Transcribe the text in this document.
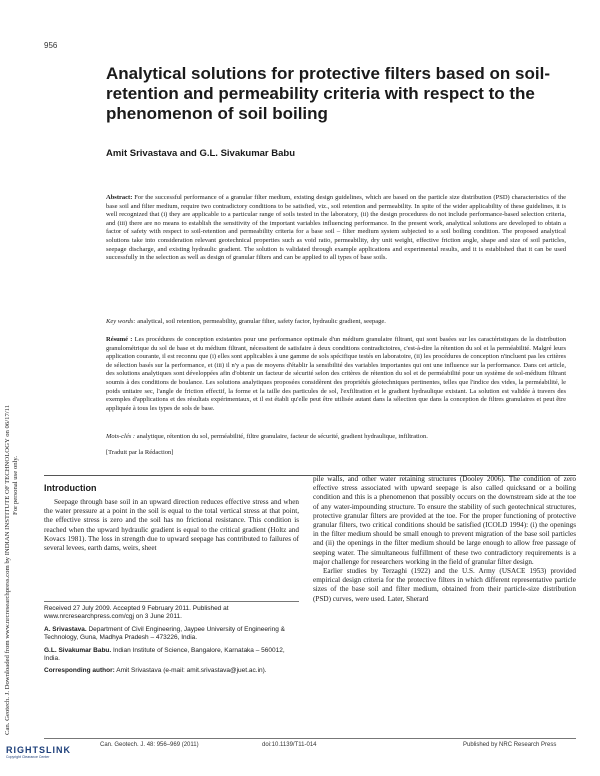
956
Analytical solutions for protective filters based on soil-retention and permeability criteria with respect to the phenomenon of soil boiling
Amit Srivastava and G.L. Sivakumar Babu
Abstract: For the successful performance of a granular filter medium, existing design guidelines, which are based on the particle size distribution (PSD) characteristics of the base soil and filter medium, require two contradictory conditions to be satisfied, viz., soil retention and permeability. In spite of the wider applicability of these guidelines, it is well recognized that (i) they are applicable to a particular range of soils tested in the laboratory, (ii) the design procedures do not include performance-based selection criteria, and (iii) there are no means to establish the sensitivity of the important variables influencing performance. In the present work, analytical solutions are developed to obtain a factor of safety with respect to soil-retention and permeability criteria for a base soil – filter medium system subjected to a soil boiling condition. The proposed analytical solutions take into consideration relevant geotechnical properties such as void ratio, permeability, dry unit weight, effective friction angle, shape and size of soil particles, seepage discharge, and existing hydraulic gradient. The solution is validated through example applications and experimental results, and it is established that it can be used successfully in the selection as well as design of granular filters and can be applied to all types of base soils.
Key words: analytical, soil retention, permeability, granular filter, safety factor, hydraulic gradient, seepage.
Résumé : Les procédures de conception existantes pour une performance optimale d'un médium granulaire filtrant, qui sont basées sur les caractéristiques de la distribution granulométrique du sol de base et du médium filtrant, nécessitent de satisfaire à deux conditions contradictoires, c'est-à-dire la rétention du sol et la perméabilité. Malgré leurs application courante, il est reconnu que (i) elles sont applicables à une gamme de sols spécifique testés en laboratoire, (ii) les procédures de conception n'incluent pas les critères de sélection basés sur la performance, et (iii) il n'y a pas de moyens d'établir la sensibilité des variables importantes qui ont une influence sur la performance. Dans cet article, des solutions analytiques sont développées afin d'obtenir un facteur de sécurité selon des critères de rétention du sol et de perméabilité pour un système de sol-médium filtrant soumis à des conditions de boulance. Les solutions analytiques proposées considèrent des propriétés géotechniques pertinentes, telles que l'indice des vides, la perméabilité, le poids unitaire sec, l'angle de friction effectif, la forme et la taille des particules de sol, l'exfiltration et le gradient hydraulique existant. La solution est validée à travers des exemples d'applications et des résultats expérimentaux, et il est établi qu'elle peut être utilisée autant dans la sélection que dans la conception de filtres granulaires et peut être appliquée à tous les types de sols de base.
Mots-clés : analytique, rétention du sol, perméabilité, filtre granulaire, facteur de sécurité, gradient hydraulique, infiltration.
[Traduit par la Rédaction]
Introduction

Seepage through base soil in an upward direction reduces effective stress and when the water pressure at a point in the soil is equal to the total vertical stress at that point, the effective stress is zero and the soil has no frictional resistance. This condition is reached when the upward hydraulic gradient is equal to the critical gradient (Holtz and Kovacs 1981). The loss in strength due to upward seepage has contributed to failures of several levees, earth dams, weirs, sheet

pile walls, and other water retaining structures (Dooley 2006). The condition of zero effective stress associated with upward seepage is also called quicksand or a boiling condition and this is a phenomenon that possibly occurs on the downstream side at the toe of any water-impounding structure. To ensure the stability of such geotechnical structures, protective granular filters are provided at the toe. For the proper functioning of protective granular filters, two critical conditions should be satisfied (ICOLD 1994): (i) the openings in the filter medium should be small enough to prevent migration of the base soil particles and (ii) the openings in the filter medium should be large enough to allow free passage of seeping water. The simultaneous fulfillment of these two contradictory requirements is a major challenge for researchers working in the field of granular filter design.

Earlier studies by Terzaghi (1922) and the U.S. Army (USACE 1953) provided empirical design criteria for the protective filters in which different representative particle sizes of the base soil and filter medium, obtained from their particle-size distribution (PSD) curves, were used. Later, Sherard

Received 27 July 2009. Accepted 9 February 2011. Published at www.nrcresearchpress.com/cgj on 3 June 2011.

A. Srivastava. Department of Civil Engineering, Jaypee University of Engineering & Technology, Guna, Madhya Pradesh – 473226, India.

G.L. Sivakumar Babu. Indian Institute of Science, Bangalore, Karnataka – 560012, India.

Corresponding author: Amit Srivastava (e-mail: amit.srivastava@juet.ac.in).

Can. Geotech. J. 48: 956–969 (2011)	doi:10.1139/T11-014	Published by NRC Research Press
Can. Geotech. J. Downloaded from www.nrcresearchpress.com by INDIAN INSTITUTE OF TECHNOLOGY on 06/17/11 For personal use only.
RIGHTSLINK
Copyright Clearance Center
